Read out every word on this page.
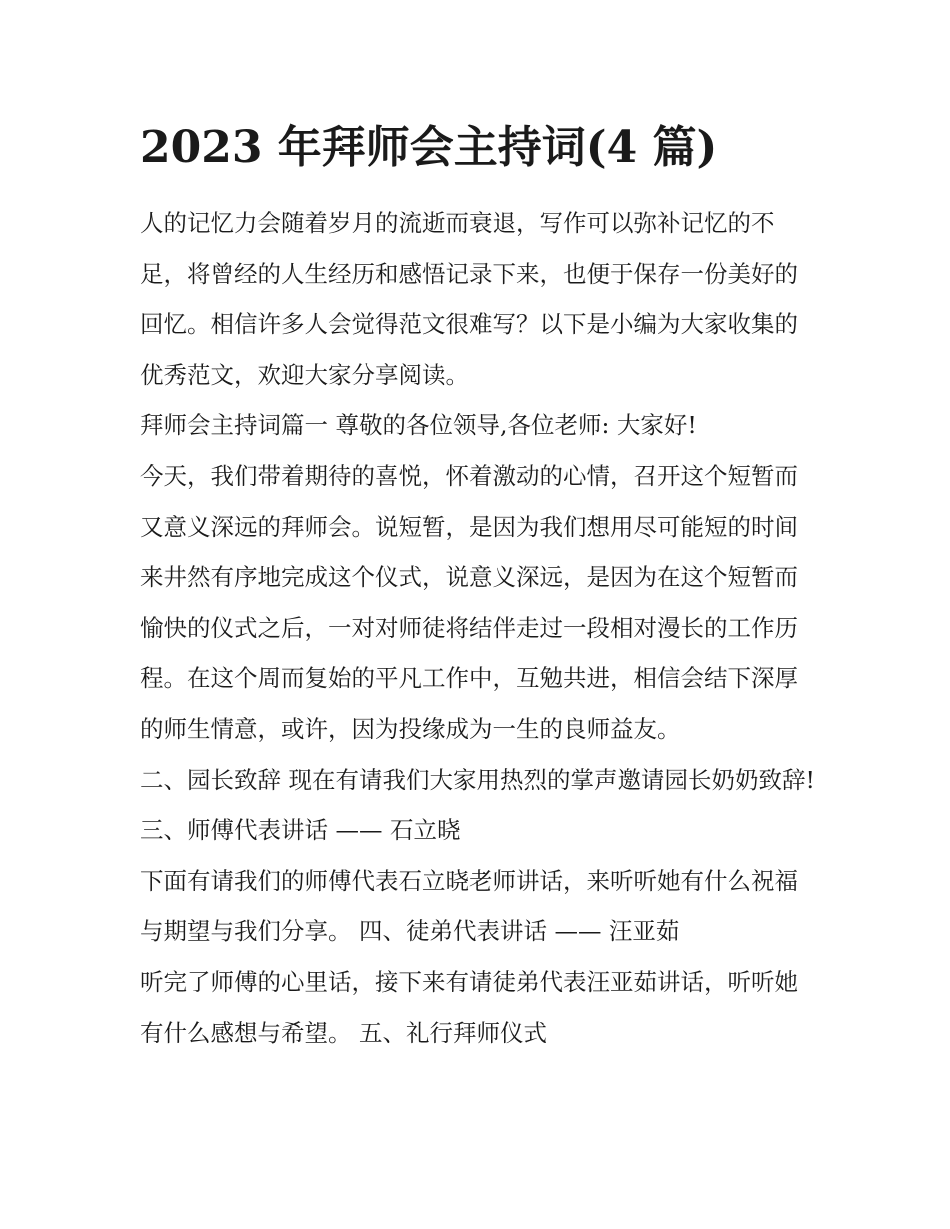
2023 年拜师会主持词(4 篇)

人的记忆力会随着岁月的流逝而衰退，写作可以弥补记忆的不足，将曾经的人生经历和感悟记录下来，也便于保存一份美好的回忆。相信许多人会觉得范文很难写？以下是小编为大家收集的优秀范文，欢迎大家分享阅读。

拜师会主持词篇一 尊敬的各位领导,各位老师: 大家好!

今天，我们带着期待的喜悦，怀着激动的心情，召开这个短暂而又意义深远的拜师会。说短暂，是因为我们想用尽可能短的时间来井然有序地完成这个仪式，说意义深远，是因为在这个短暂而愉快的仪式之后，一对对师徒将结伴走过一段相对漫长的工作历程。在这个周而复始的平凡工作中，互勉共进，相信会结下深厚的师生情意，或许，因为投缘成为一生的良师益友。

二、园长致辞 现在有请我们大家用热烈的掌声邀请园长奶奶致辞! 三、师傅代表讲话 —— 石立晓

下面有请我们的师傅代表石立晓老师讲话，来听听她有什么祝福与期望与我们分享。 四、徒弟代表讲话 —— 汪亚茹

听完了师傅的心里话，接下来有请徒弟代表汪亚茹讲话，听听她有什么感想与希望。 五、礼行拜师仪式
